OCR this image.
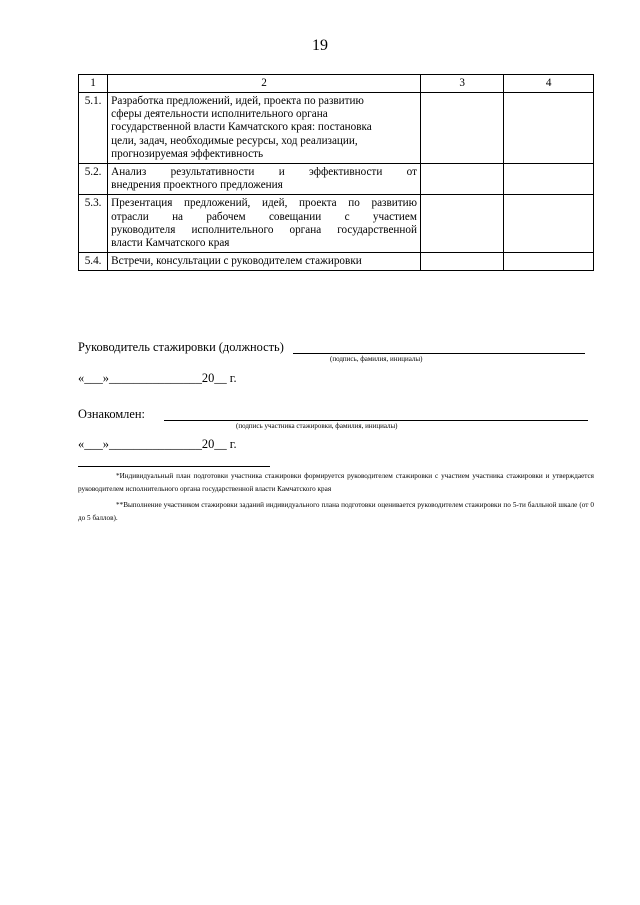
19
1	2	3	4
5.1.	Разработка предложений, идей, проекта по развитию
сферы деятельности исполнительного органа
государственной власти Камчатского края: постановка
цели, задач, необходимые ресурсы, ход реализации,
прогнозируемая эффективность		

5.2.	Анализ результативности и эффективности от
внедрения проектного предложения		

5.3.	Презентация предложений, идей, проекта по развитию
отрасли на рабочем совещании с участием
руководителя исполнительного органа государственной
власти Камчатского края		

5.4.	Встречи, консультации с руководителем стажировки		

Руководитель стажировки (должность)
(подпись, фамилия, инициалы)
«___»_______________20__ г.
Ознакомлен:
(подпись участника стажировки, фамилия, инициалы)
«___»_______________20__ г.
*Индивидуальный план подготовки участника стажировки формируется руководителем стажировки с участием участника стажировки и утверждается руководителем исполнительного органа государственной власти Камчатского края
**Выполнение участником стажировки заданий индивидуального плана подготовки оценивается руководителем стажировки по 5-ти балльной шкале (от 0 до 5 баллов).
